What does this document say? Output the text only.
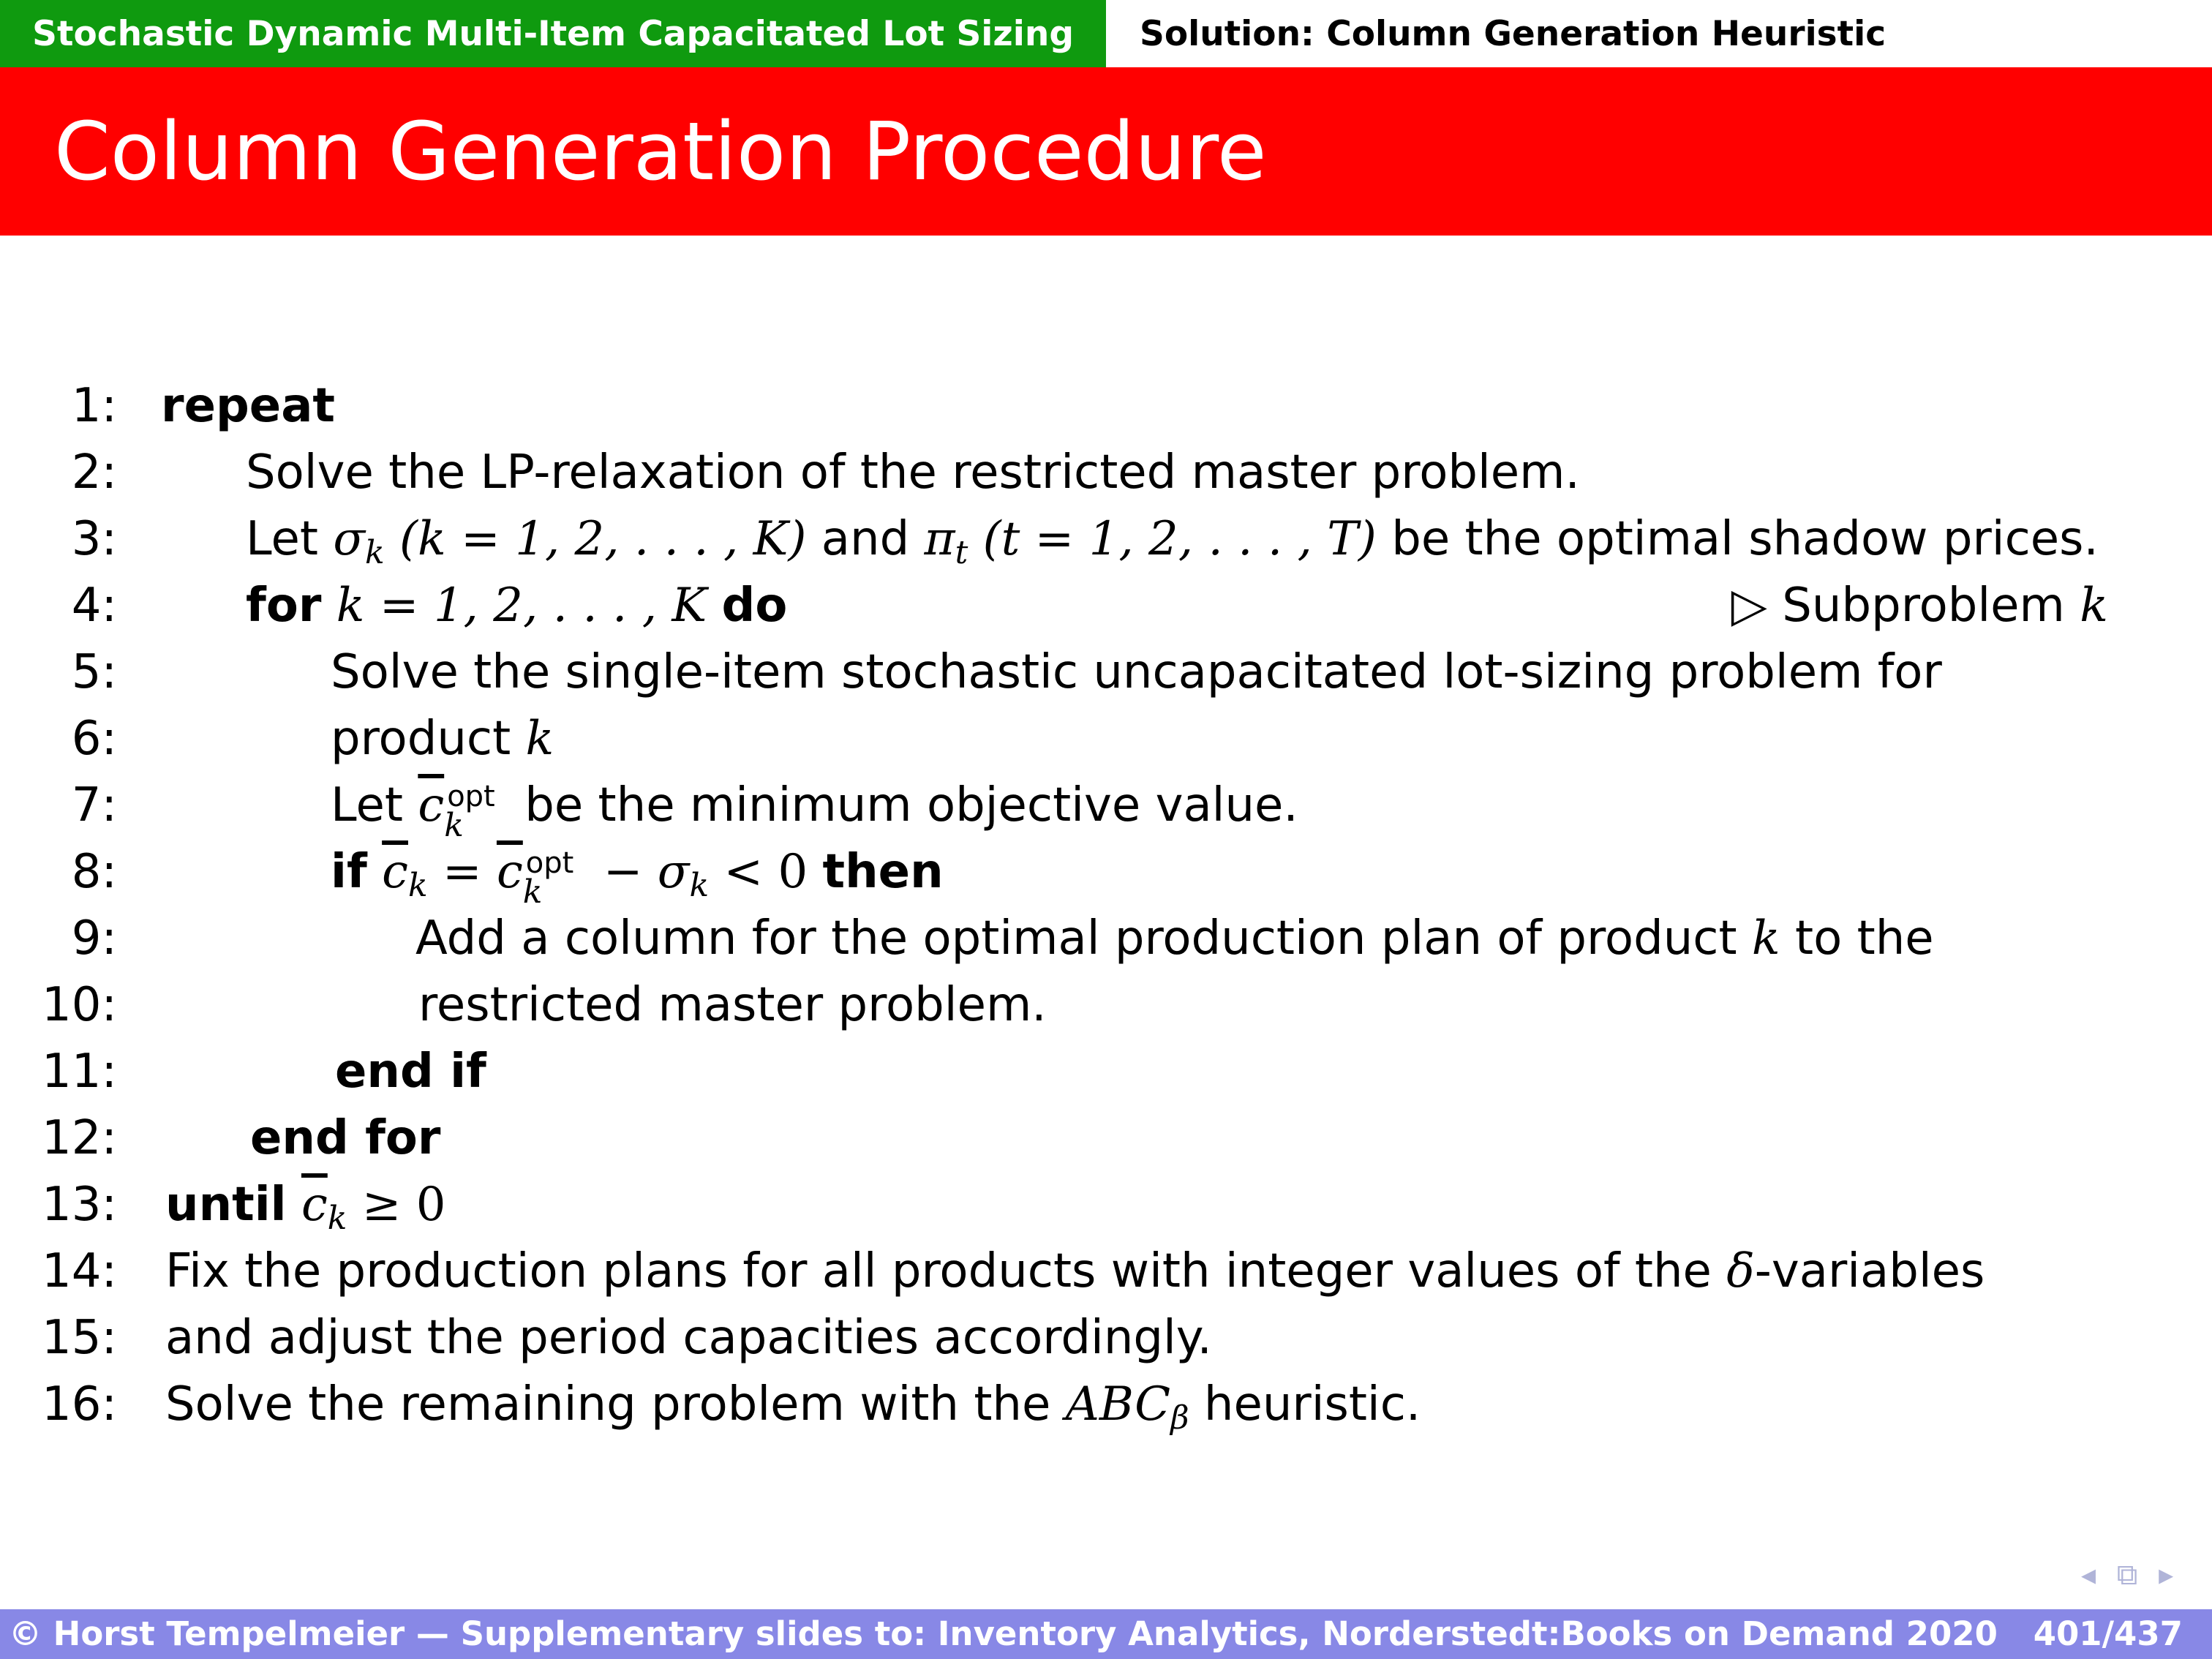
Stochastic Dynamic Multi-Item Capacitated Lot Sizing Solution: Column Generation Heuristic
Column Generation Procedure
1: repeat
2:	Solve the LP-relaxation of the restricted master problem.
3:	Let $\sigma_k$ (k = 1, 2, . . . , K) and $\pi_t$ (t = 1, 2, . . . , T) be the optimal shadow prices.
4:	for k = 1, 2, . . . , K do	▷ Subproblem k
5:	Solve the single-item stochastic uncapacitated lot-sizing problem for
6:	product k
7:	Let $\overline{c}$ opt
k be the minimum objective value.
8:	if $\overline{c}_k = \overline{c}$ opt
$k - \sigma_k < 0$ then
9:	Add a column for the optimal production plan of product k to the
10:	restricted master problem.
11:	end if
12:	end for
13: until $\overline{c}_k \ge 0$
14: Fix the production plans for all products with integer values of the δ-variables
15: and adjust the period capacities accordingly.
16: Solve the remaining problem with the $ABC_\beta$ heuristic.
◂ ⧉ ▸
© Horst Tempelmeier — Supplementary slides to: Inventory Analytics, Norderstedt:Books on Demand 2020 401/437
